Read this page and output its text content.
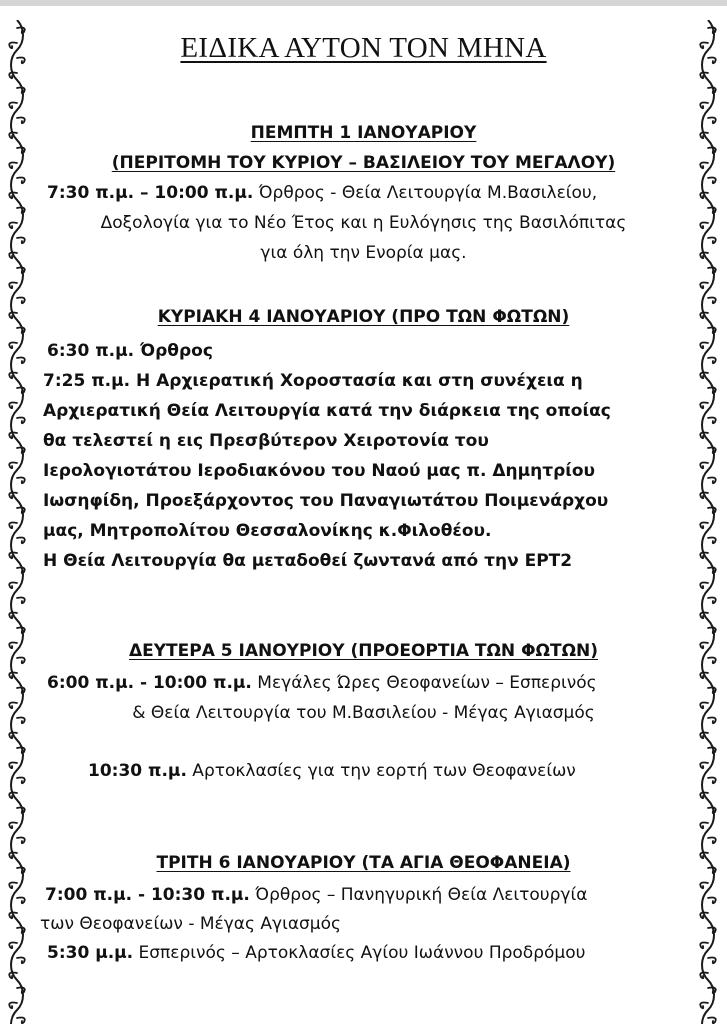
ΕΙΔΙΚΑ ΑΥΤΟΝ ΤΟΝ ΜΗΝΑ
ΠΕΜΠΤΗ 1 ΙΑΝΟΥΑΡΙΟΥ
(ΠΕΡΙΤΟΜΗ ΤΟΥ ΚΥΡΙΟΥ – ΒΑΣΙΛΕΙΟΥ ΤΟΥ ΜΕΓΑΛΟΥ)
7:30 π.μ. – 10:00 π.μ. Όρθρος - Θεία Λειτουργία Μ.Βασιλείου,
Δοξολογία για το Νέο Έτος και η Ευλόγησις της Βασιλόπιτας
για όλη την Ενορία μας.
ΚΥΡΙΑΚΗ 4 ΙΑΝΟΥΑΡΙΟΥ (ΠΡΟ ΤΩΝ ΦΩΤΩΝ)
6:30 π.μ. Όρθρος
7:25 π.μ. Η Αρχιερατική Χοροστασία και στη συνέχεια η
Αρχιερατική Θεία Λειτουργία κατά την διάρκεια της οποίας
θα τελεστεί η εις Πρεσβύτερον Χειροτονία του
Ιερολογιοτάτου Ιεροδιακόνου του Ναού μας π. Δημητρίου
Ιωσηφίδη, Προεξάρχοντος του Παναγιωτάτου Ποιμενάρχου
μας, Μητροπολίτου Θεσσαλονίκης κ.Φιλοθέου.
Η Θεία Λειτουργία θα μεταδοθεί ζωντανά από την ΕΡΤ2
ΔΕΥΤΕΡΑ 5 ΙΑΝΟΥΡΙΟΥ (ΠΡΟΕΟΡΤΙΑ ΤΩΝ ΦΩΤΩΝ)
6:00 π.μ. - 10:00 π.μ. Μεγάλες Ώρες Θεοφανείων – Εσπερινός
& Θεία Λειτουργία του Μ.Βασιλείου - Μέγας Αγιασμός
10:30 π.μ. Αρτοκλασίες για την εορτή των Θεοφανείων
ΤΡΙΤΗ 6 ΙΑΝΟΥΑΡΙΟΥ (ΤΑ ΑΓΙΑ ΘΕΟΦΑΝΕΙΑ)
7:00 π.μ. - 10:30 π.μ. Όρθρος – Πανηγυρική Θεία Λειτουργία
των Θεοφανείων - Μέγας Αγιασμός
5:30 μ.μ. Εσπερινός – Αρτοκλασίες Αγίου Ιωάννου Προδρόμου
